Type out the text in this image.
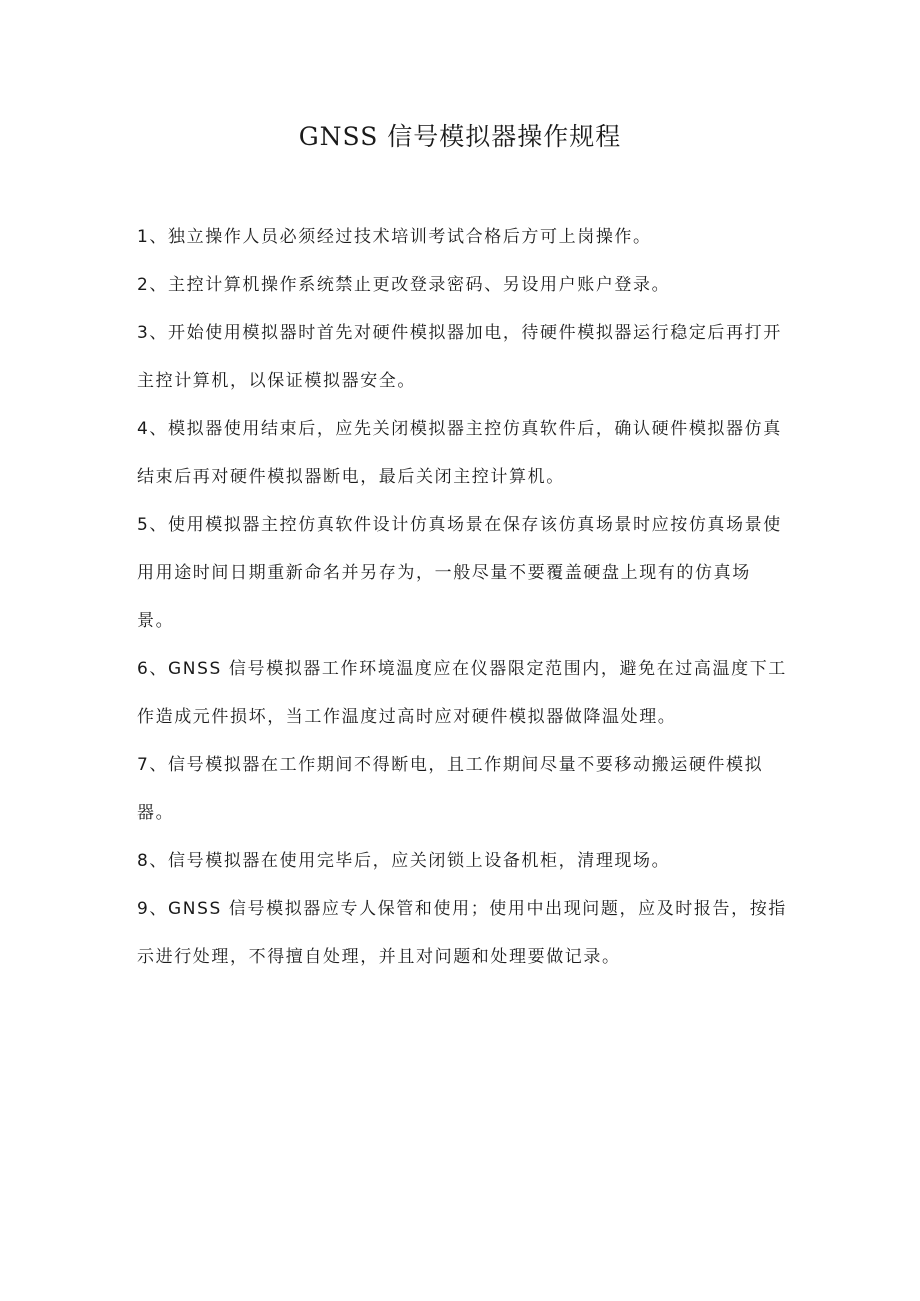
GNSS 信号模拟器操作规程
1、独立操作人员必须经过技术培训考试合格后方可上岗操作。
2、主控计算机操作系统禁止更改登录密码、另设用户账户登录。
3、开始使用模拟器时首先对硬件模拟器加电，待硬件模拟器运行稳定后再打开主控计算机，以保证模拟器安全。
4、模拟器使用结束后，应先关闭模拟器主控仿真软件后，确认硬件模拟器仿真结束后再对硬件模拟器断电，最后关闭主控计算机。
5、使用模拟器主控仿真软件设计仿真场景在保存该仿真场景时应按仿真场景使用用途时间日期重新命名并另存为，一般尽量不要覆盖硬盘上现有的仿真场景。
6、GNSS 信号模拟器工作环境温度应在仪器限定范围内，避免在过高温度下工作造成元件损坏，当工作温度过高时应对硬件模拟器做降温处理。
7、信号模拟器在工作期间不得断电，且工作期间尽量不要移动搬运硬件模拟器。
8、信号模拟器在使用完毕后，应关闭锁上设备机柜，清理现场。
9、GNSS 信号模拟器应专人保管和使用；使用中出现问题，应及时报告，按指示进行处理，不得擅自处理，并且对问题和处理要做记录。
